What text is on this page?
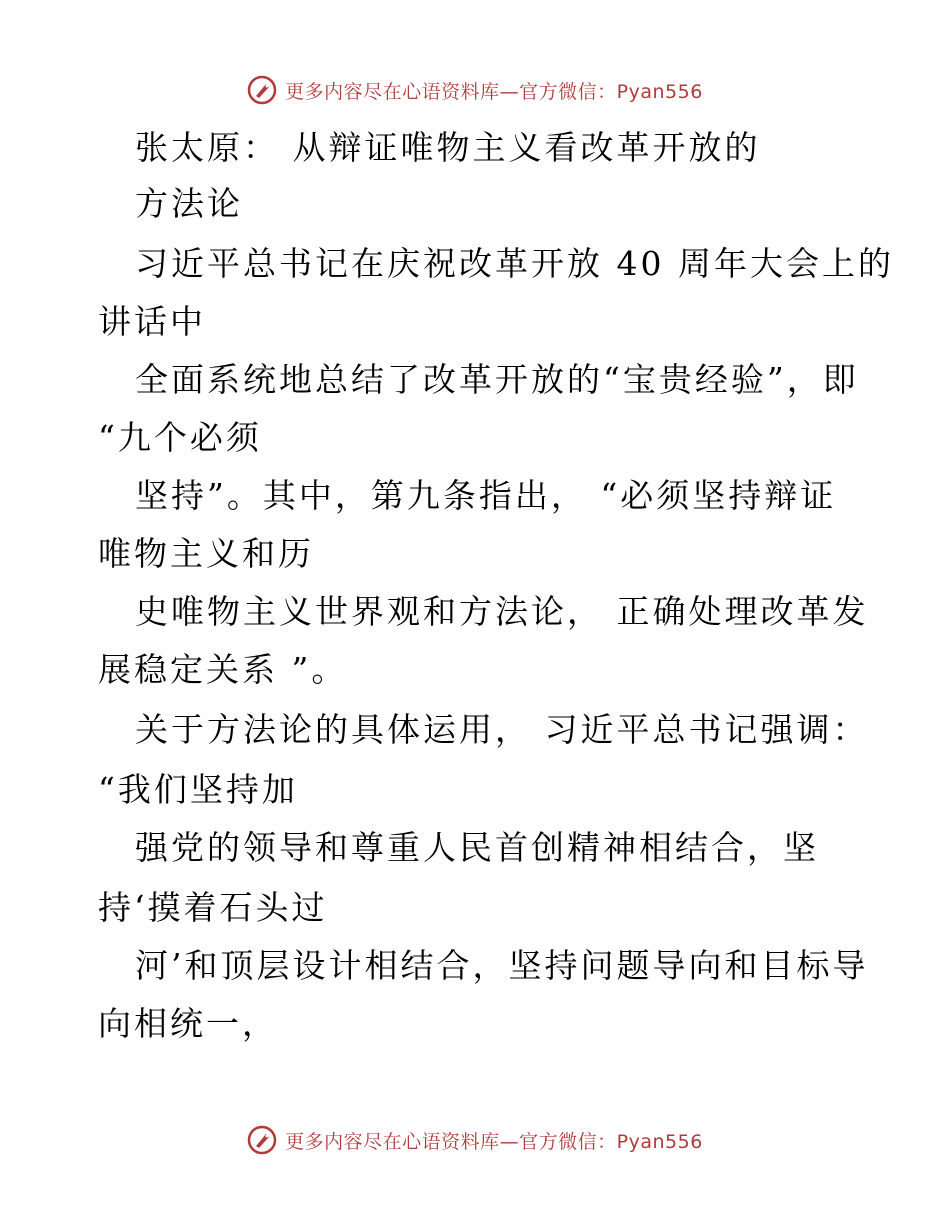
更多内容尽在心语资料库—官方微信：Pyan556
张太原： 从辩证唯物主义看改革开放的
方法论
习近平总书记在庆祝改革开放 40 周年大会上的
讲话中
全面系统地总结了改革开放的“宝贵经验”，即
“九个必须
坚持”。其中，第九条指出， “必须坚持辩证
唯物主义和历
史唯物主义世界观和方法论， 正确处理改革发
展稳定关系 ”。
关于方法论的具体运用， 习近平总书记强调：
“我们坚持加
强党的领导和尊重人民首创精神相结合，坚
持‘摸着石头过
河’和顶层设计相结合，坚持问题导向和目标导
向相统一，
更多内容尽在心语资料库—官方微信：Pyan556
